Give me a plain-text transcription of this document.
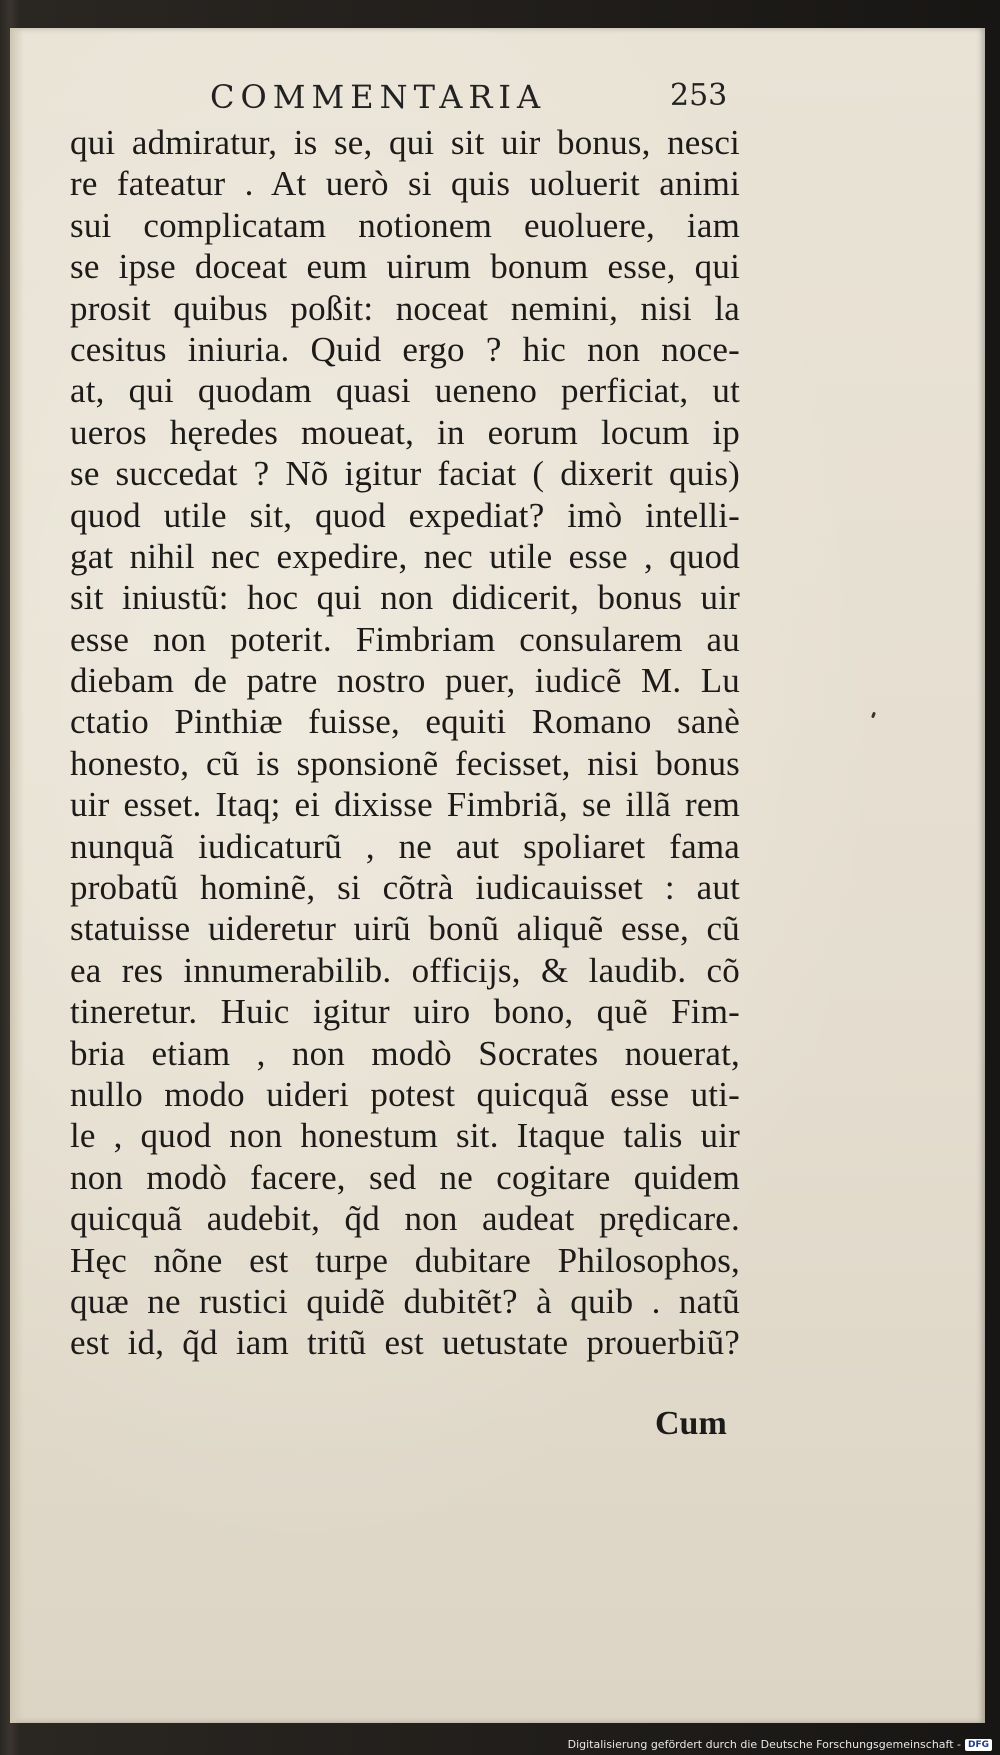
COMMENTARIA	253
qui admiratur, is se, qui sit uir bonus, nesci
re fateatur . At uerò si quis uoluerit animi
sui complicatam notionem euoluere, iam
se ipse doceat eum uirum bonum esse, qui
prosit quibus poßit: noceat nemini, nisi la
cesitus iniuria. Quid ergo ? hic non noce-
at, qui quodam quasi ueneno perficiat, ut
ueros hęredes moueat, in eorum locum ip
se succedat ? Nõ igitur faciat ( dixerit quis)
quod utile sit, quod expediat? imò intelli-
gat nihil nec expedire, nec utile esse , quod
sit iniustũ: hoc qui non didicerit, bonus uir
esse non poterit. Fimbriam consularem au
diebam de patre nostro puer, iudicẽ M. Lu
ctatio Pinthiæ fuisse, equiti Romano sanè
honesto, cũ is sponsionẽ fecisset, nisi bonus
uir esset. Itaq; ei dixisse Fimbriã, se illã rem
nunquã iudicaturũ , ne aut spoliaret fama
probatũ hominẽ, si cõtrà iudicauisset : aut
statuisse uideretur uirũ bonũ aliquẽ esse, cũ
ea res innumerabilib. officijs, & laudib. cõ
tineretur. Huic igitur uiro bono, quẽ Fim-
bria etiam , non modò Socrates nouerat,
nullo modo uideri potest quicquã esse uti-
le , quod non honestum sit. Itaque talis uir
non modò facere, sed ne cogitare quidem
quicquã audebit, q̃d non audeat prędicare.
Hęc nõne est turpe dubitare Philosophos,
quæ ne rustici quidẽ dubitẽt? à quib . natũ
est id, q̃d iam tritũ est uetustate prouerbiũ?
Cum
Digitalisierung gefördert durch die Deutsche Forschungsgemeinschaft - DFG
